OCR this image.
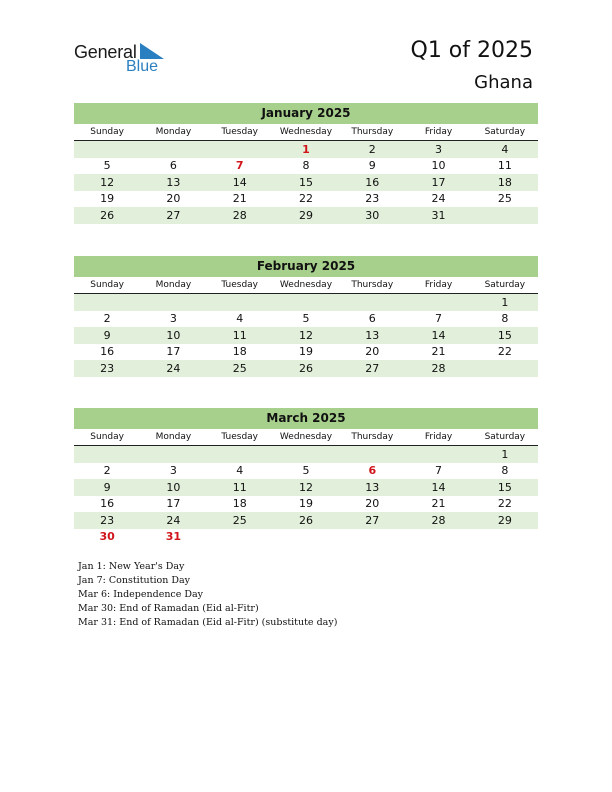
General
Blue
Q1 of 2025
Ghana
January 2025
Sunday	Monday	Tuesday	Wednesday	Thursday	Friday	Saturday
			1	2	3	4
5	6	7	8	9	10	11
12	13	14	15	16	17	18
19	20	21	22	23	24	25
26	27	28	29	30	31	
February 2025
Sunday	Monday	Tuesday	Wednesday	Thursday	Friday	Saturday
						1
2	3	4	5	6	7	8
9	10	11	12	13	14	15
16	17	18	19	20	21	22
23	24	25	26	27	28	
March 2025
Sunday	Monday	Tuesday	Wednesday	Thursday	Friday	Saturday
						1
2	3	4	5	6	7	8
9	10	11	12	13	14	15
16	17	18	19	20	21	22
23	24	25	26	27	28	29
30	31					
Jan 1: New Year's Day
Jan 7: Constitution Day
Mar 6: Independence Day
Mar 30: End of Ramadan (Eid al-Fitr)
Mar 31: End of Ramadan (Eid al-Fitr) (substitute day)
